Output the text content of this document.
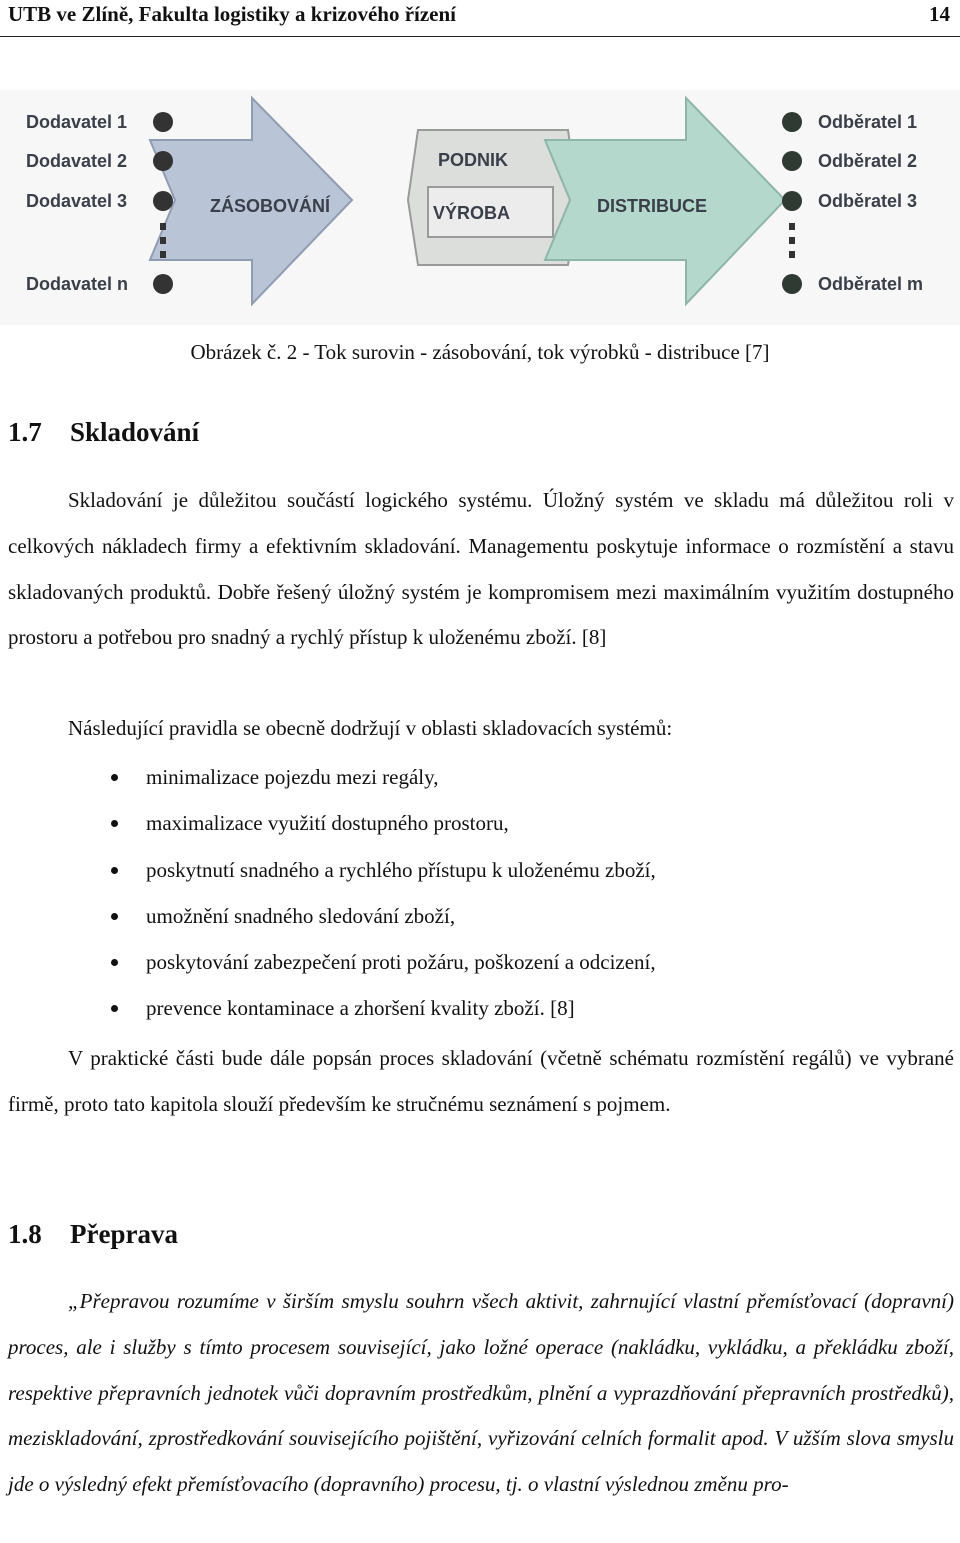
UTB ve Zlíně, Fakulta logistiky a krizového řízení	14
Dodavatel 1
Dodavatel 2
Dodavatel 3
Dodavatel n
Odběratel 1
Odběratel 2
Odběratel 3
Odběratel m
ZÁSOBOVÁNÍ
PODNIK
VÝROBA	DISTRIBUCE
Obrázek č. 2 - Tok surovin - zásobování, tok výrobků - distribuce [7]
1.7 Skladování
Skladování je důležitou součástí logického systému. Úložný systém ve skladu má důležitou roli v celkových nákladech firmy a efektivním skladování. Managementu poskytuje informace o rozmístění a stavu skladovaných produktů. Dobře řešený úložný systém je kompromisem mezi maximálním využitím dostupného prostoru a potřebou pro snadný a rychlý přístup k uloženému zboží. [8]
Následující pravidla se obecně dodržují v oblasti skladovacích systémů:
minimalizace pojezdu mezi regály,
maximalizace využití dostupného prostoru,
poskytnutí snadného a rychlého přístupu k uloženému zboží,
umožnění snadného sledování zboží,
poskytování zabezpečení proti požáru, poškození a odcizení,
prevence kontaminace a zhoršení kvality zboží. [8]
V praktické části bude dále popsán proces skladování (včetně schématu rozmístění regálů) ve vybrané firmě, proto tato kapitola slouží především ke stručnému seznámení s pojmem.
1.8 Přeprava
„Přepravou rozumíme v širším smyslu souhrn všech aktivit, zahrnující vlastní přemísťovací (dopravní) proces, ale i služby s tímto procesem související, jako ložné operace (nakládku, vykládku, a překládku zboží, respektive přepravních jednotek vůči dopravním prostředkům, plnění a vyprazdňování přepravních prostředků), meziskladování, zprostředkování souvisejícího pojištění, vyřizování celních formalit apod. V užším slova smyslu jde o výsledný efekt přemísťovacího (dopravního) procesu, tj. o vlastní výslednou změnu pro-
